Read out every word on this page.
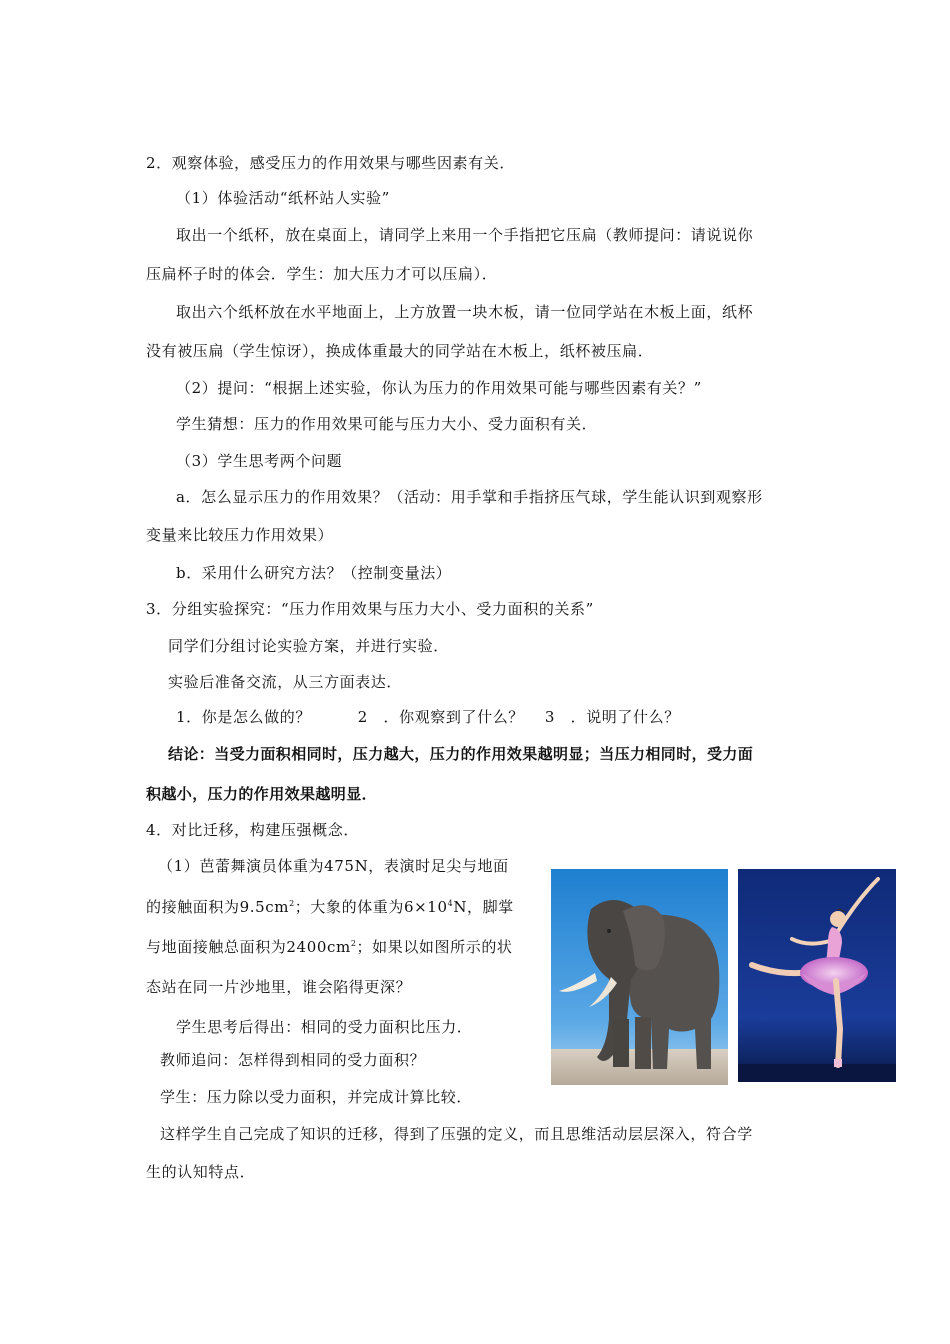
2．观察体验，感受压力的作用效果与哪些因素有关．
（1）体验活动“纸杯站人实验”
取出一个纸杯，放在桌面上，请同学上来用一个手指把它压扁（教师提问：请说说你
压扁杯子时的体会．学生：加大压力才可以压扁）．
取出六个纸杯放在水平地面上，上方放置一块木板，请一位同学站在木板上面，纸杯
没有被压扁（学生惊讶），换成体重最大的同学站在木板上，纸杯被压扁．
（2）提问：“根据上述实验，你认为压力的作用效果可能与哪些因素有关？”
学生猜想：压力的作用效果可能与压力大小、受力面积有关．
（3）学生思考两个问题
a．怎么显示压力的作用效果？（活动：用手掌和手指挤压气球，学生能认识到观察形
变量来比较压力作用效果）
b．采用什么研究方法？（控制变量法）
3．分组实验探究：“压力作用效果与压力大小、受力面积的关系”
同学们分组讨论实验方案，并进行实验．
实验后准备交流，从三方面表达．
1．你是怎么做的？　　　2　．你观察到了什么？　 3　．说明了什么？
结论：当受力面积相同时，压力越大，压力的作用效果越明显；当压力相同时，受力面
积越小，压力的作用效果越明显．
4．对比迁移，构建压强概念．
（1）芭蕾舞演员体重为475N，表演时足尖与地面
的接触面积为$9.5cm^2$；大象的体重为$6\times 10^4N$，脚掌
与地面接触总面积为$2400cm^2$；如果以如图所示的状
态站在同一片沙地里，谁会陷得更深？
学生思考后得出：相同的受力面积比压力．
教师追问：怎样得到相同的受力面积？
学生：压力除以受力面积，并完成计算比较．
这样学生自己完成了知识的迁移，得到了压强的定义，而且思维活动层层深入，符合学
生的认知特点．
